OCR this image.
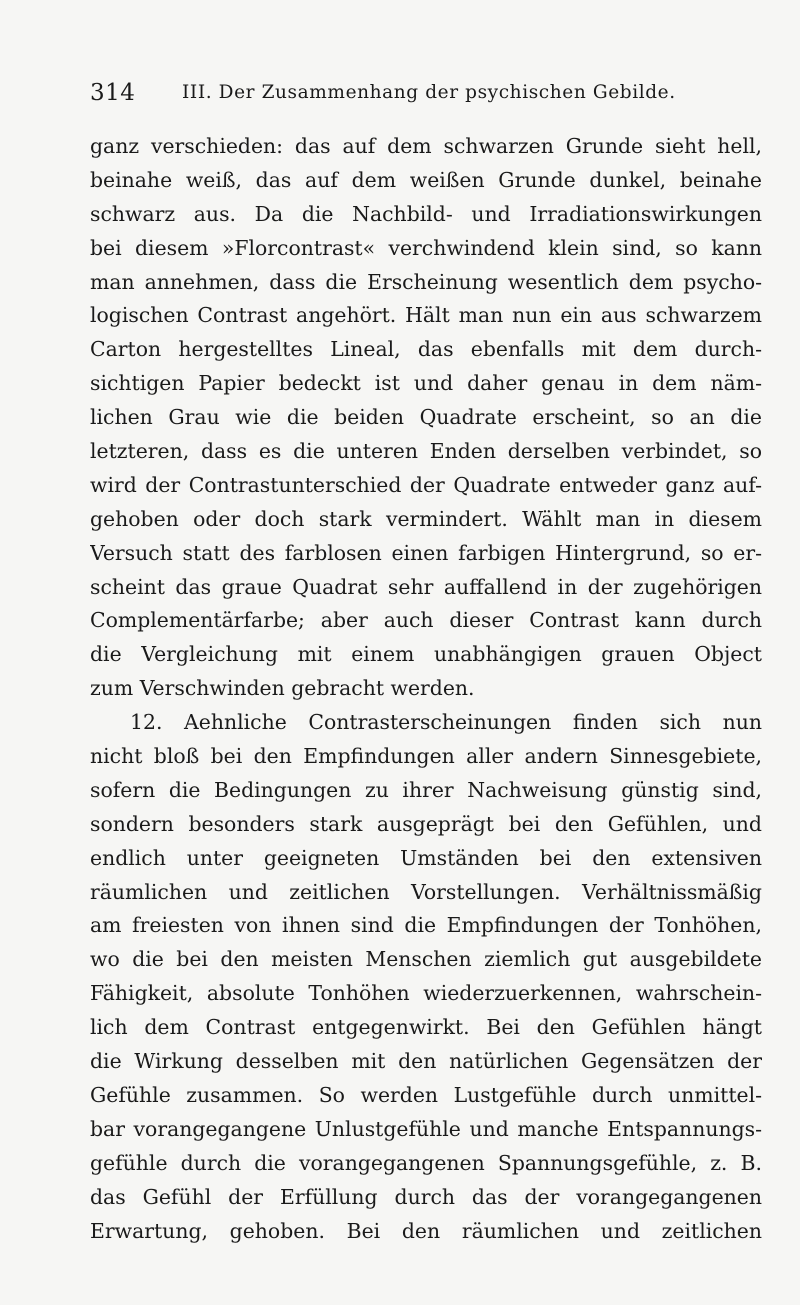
314	III. Der Zusammenhang der psychischen Gebilde.
ganz verschieden: das auf dem schwarzen Grunde sieht hell,
beinahe weiß, das auf dem weißen Grunde dunkel, beinahe
schwarz aus. Da die Nachbild- und Irradiationswirkungen
bei diesem »Florcontrast« verchwindend klein sind, so kann
man annehmen, dass die Erscheinung wesentlich dem psycho-
logischen Contrast angehört. Hält man nun ein aus schwarzem
Carton hergestelltes Lineal, das ebenfalls mit dem durch-
sichtigen Papier bedeckt ist und daher genau in dem näm-
lichen Grau wie die beiden Quadrate erscheint, so an die
letzteren, dass es die unteren Enden derselben verbindet, so
wird der Contrastunterschied der Quadrate entweder ganz auf-
gehoben oder doch stark vermindert. Wählt man in diesem
Versuch statt des farblosen einen farbigen Hintergrund, so er-
scheint das graue Quadrat sehr auffallend in der zugehörigen
Complementärfarbe; aber auch dieser Contrast kann durch
die Vergleichung mit einem unabhängigen grauen Object
zum Verschwinden gebracht werden.
12. Aehnliche Contrasterscheinungen finden sich nun
nicht bloß bei den Empfindungen aller andern Sinnesgebiete,
sofern die Bedingungen zu ihrer Nachweisung günstig sind,
sondern besonders stark ausgeprägt bei den Gefühlen, und
endlich unter geeigneten Umständen bei den extensiven
räumlichen und zeitlichen Vorstellungen. Verhältnissmäßig
am freiesten von ihnen sind die Empfindungen der Tonhöhen,
wo die bei den meisten Menschen ziemlich gut ausgebildete
Fähigkeit, absolute Tonhöhen wiederzuerkennen, wahrschein-
lich dem Contrast entgegenwirkt. Bei den Gefühlen hängt
die Wirkung desselben mit den natürlichen Gegensätzen der
Gefühle zusammen. So werden Lustgefühle durch unmittel-
bar vorangegangene Unlustgefühle und manche Entspannungs-
gefühle durch die vorangegangenen Spannungsgefühle, z. B.
das Gefühl der Erfüllung durch das der vorangegangenen
Erwartung, gehoben. Bei den räumlichen und zeitlichen
